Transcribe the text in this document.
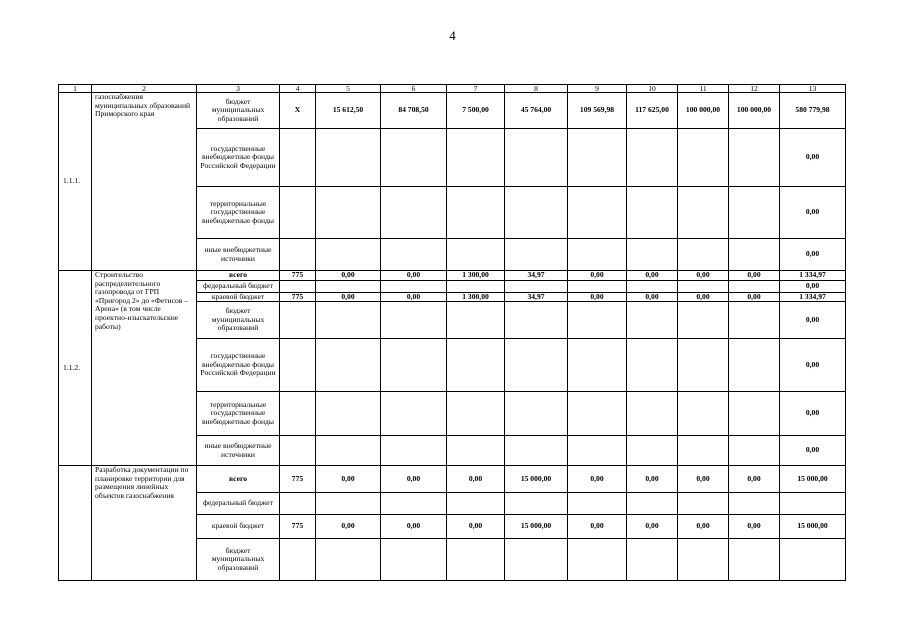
4
1	2	3	4	5	6	7	8	9	10	11	12	13
1.1.1.	газоснабжения муниципальных образований Приморского края	бюджет муниципальных образований	X	15 612,50	84 708,50	7 500,00	45 764,00	109 569,98	117 625,00	100 000,00	100 000,00	580 779,98
		государственные внебюджетные фонды Российской Федерации										0,00
		территориальные государственные внебюджетные фонды										0,00
		иные внебюджетные источники										0,00
1.1.2.	Строительство распределительного газопровода от ГРП «Пригород 2» до «Фетисов – Арена» (в том числе проектно-изыскательские работы)	всего	775	0,00	0,00	1 300,00	34,97	0,00	0,00	0,00	0,00	1 334,97
		федеральный бюджет										0,00
		краевой бюджет	775	0,00	0,00	1 300,00	34,97	0,00	0,00	0,00	0,00	1 334,97
		бюджет муниципальных образований										0,00
		государственные внебюджетные фонды Российской Федерации										0,00
		территориальные государственные внебюджетные фонды										0,00
		иные внебюджетные источники										0,00
	Разработка документации по планировке территории для размещения линейных объектов газоснабжения	всего	775	0,00	0,00	0,00	15 000,00	0,00	0,00	0,00	0,00	15 000,00
		федеральный бюджет										
		краевой бюджет	775	0,00	0,00	0,00	15 000,00	0,00	0,00	0,00	0,00	15 000,00
		бюджет муниципальных образований										
